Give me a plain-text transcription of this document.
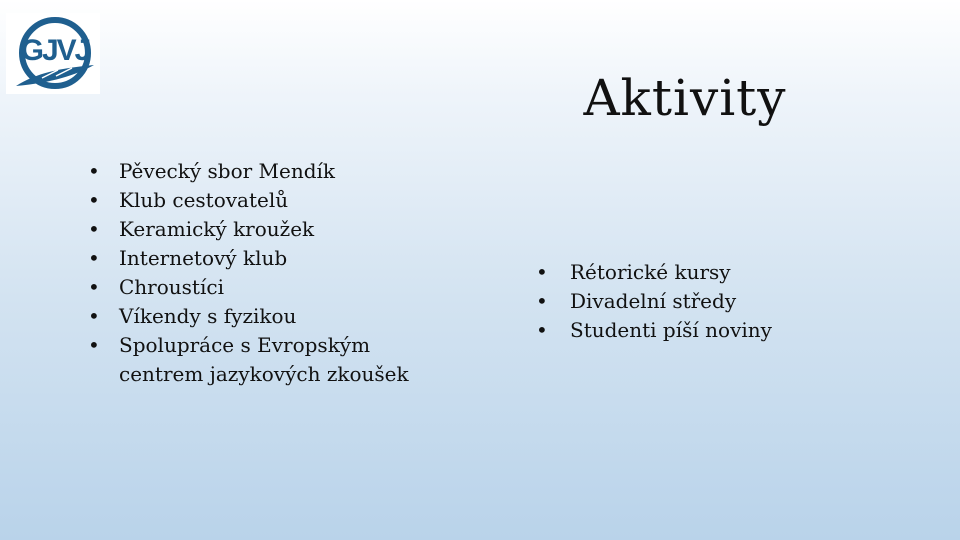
GJVJ
Aktivity
• Pěvecký sbor Mendík
• Klub cestovatelů
• Keramický kroužek
• Internetový klub
• Chroustíci
• Víkendy s fyzikou
• Spolupráce s Evropským
centrem jazykových zkoušek
• Rétorické kursy
• Divadelní středy
• Studenti píší noviny
